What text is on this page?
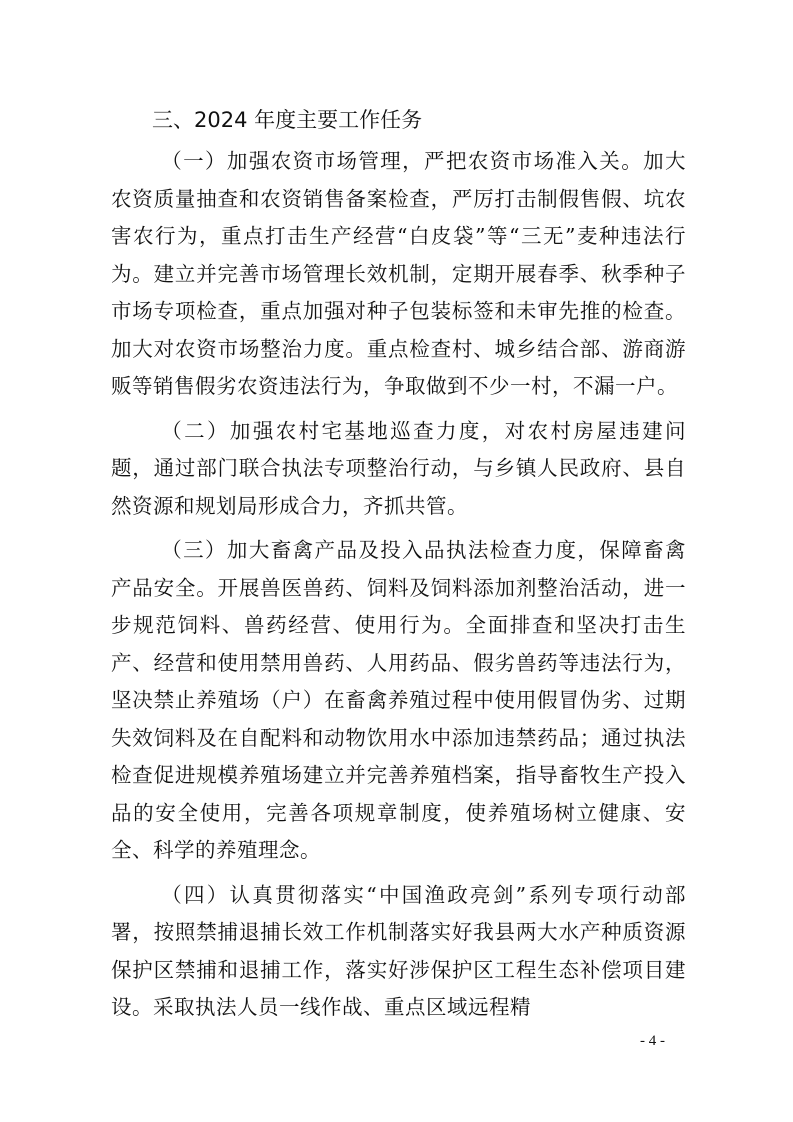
三、2024 年度主要工作任务

（一）加强农资市场管理，严把农资市场准入关。加大农资质量抽查和农资销售备案检查，严厉打击制假售假、坑农害农行为，重点打击生产经营“白皮袋”等“三无”麦种违法行为。建立并完善市场管理长效机制，定期开展春季、秋季种子市场专项检查，重点加强对种子包装标签和未审先推的检查。加大对农资市场整治力度。重点检查村、城乡结合部、游商游贩等销售假劣农资违法行为，争取做到不少一村，不漏一户。

（二）加强农村宅基地巡查力度，对农村房屋违建问题，通过部门联合执法专项整治行动，与乡镇人民政府、县自然资源和规划局形成合力，齐抓共管。

（三）加大畜禽产品及投入品执法检查力度，保障畜禽产品安全。开展兽医兽药、饲料及饲料添加剂整治活动，进一步规范饲料、兽药经营、使用行为。全面排查和坚决打击生产、经营和使用禁用兽药、人用药品、假劣兽药等违法行为，坚决禁止养殖场（户）在畜禽养殖过程中使用假冒伪劣、过期失效饲料及在自配料和动物饮用水中添加违禁药品；通过执法检查促进规模养殖场建立并完善养殖档案，指导畜牧生产投入品的安全使用，完善各项规章制度，使养殖场树立健康、安全、科学的养殖理念。

（四）认真贯彻落实“中国渔政亮剑”系列专项行动部署，按照禁捕退捕长效工作机制落实好我县两大水产种质资源保护区禁捕和退捕工作，落实好涉保护区工程生态补偿项目建设。采取执法人员一线作战、重点区域远程精

- 4 -
